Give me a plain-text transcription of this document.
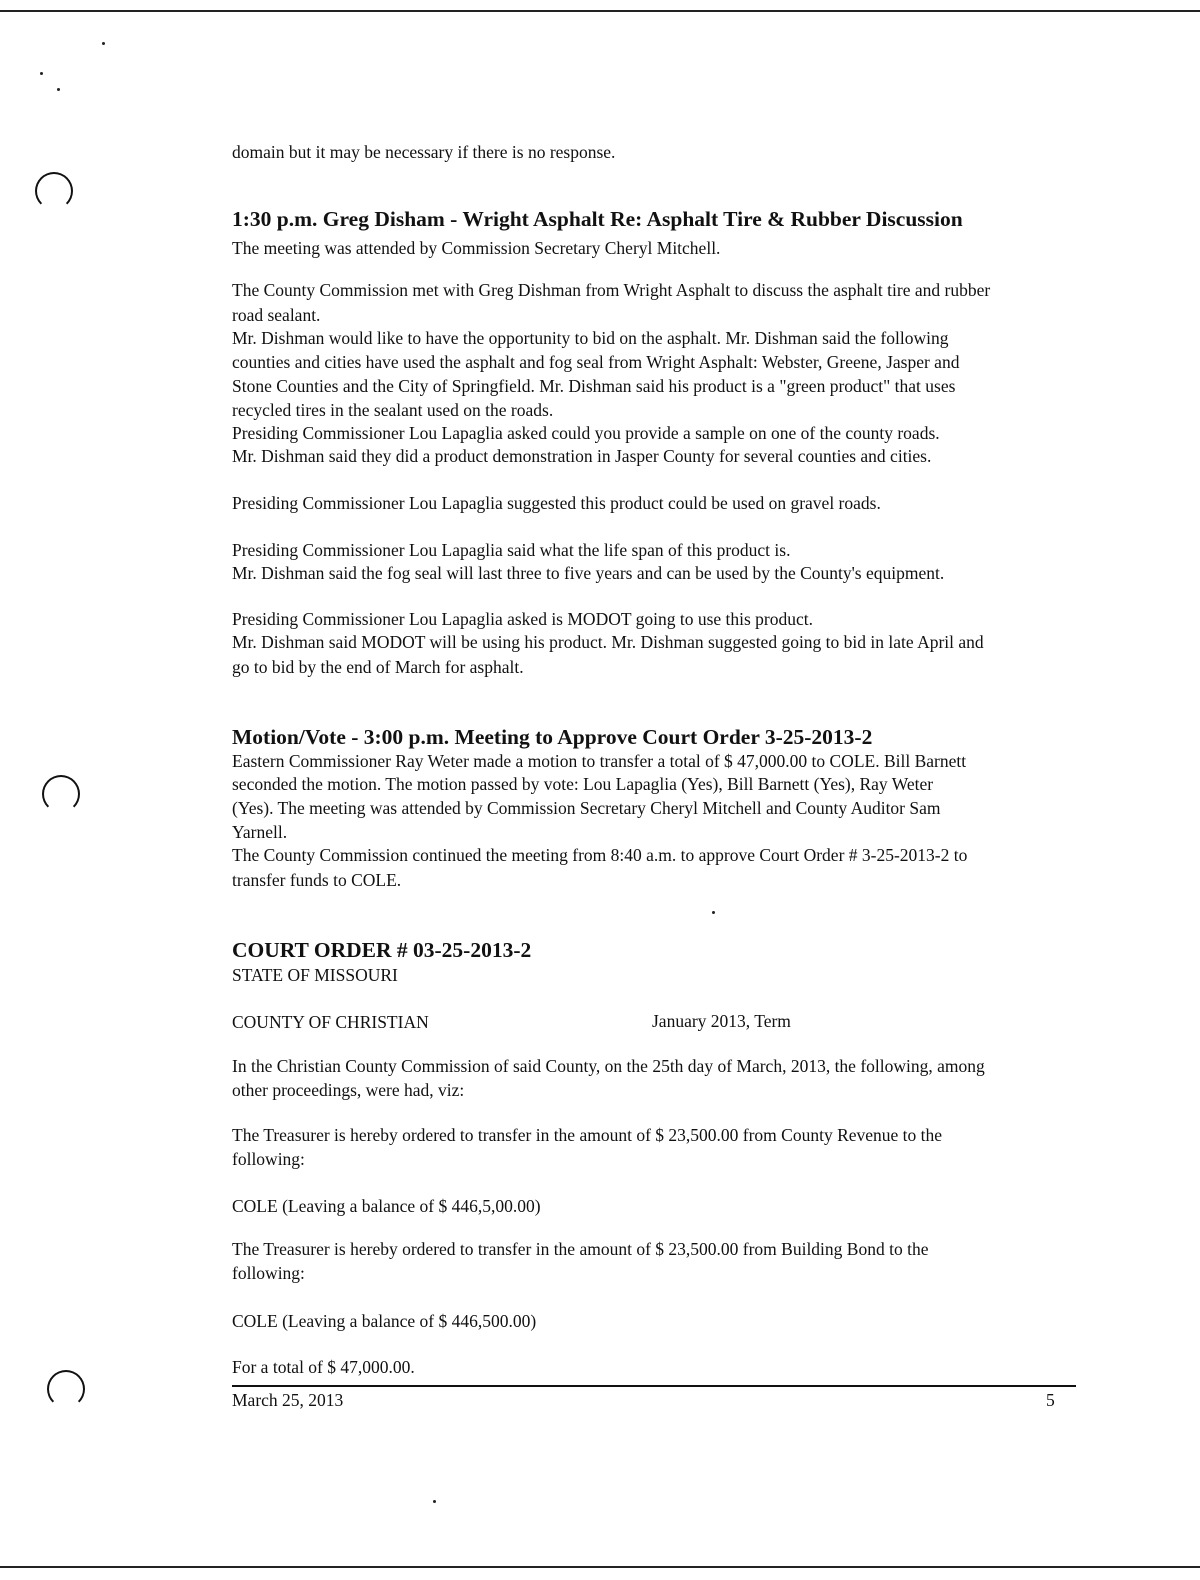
domain but it may be necessary if there is no response.
1:30 p.m. Greg Disham - Wright Asphalt Re: Asphalt Tire & Rubber Discussion
The meeting was attended by Commission Secretary Cheryl Mitchell.
The County Commission met with Greg Dishman from Wright Asphalt to discuss the asphalt tire and rubber
road sealant.
Mr. Dishman would like to have the opportunity to bid on the asphalt. Mr. Dishman said the following
counties and cities have used the asphalt and fog seal from Wright Asphalt: Webster, Greene, Jasper and
Stone Counties and the City of Springfield. Mr. Dishman said his product is a "green product" that uses
recycled tires in the sealant used on the roads.
Presiding Commissioner Lou Lapaglia asked could you provide a sample on one of the county roads.
Mr. Dishman said they did a product demonstration in Jasper County for several counties and cities.
Presiding Commissioner Lou Lapaglia suggested this product could be used on gravel roads.
Presiding Commissioner Lou Lapaglia said what the life span of this product is.
Mr. Dishman said the fog seal will last three to five years and can be used by the County's equipment.
Presiding Commissioner Lou Lapaglia asked is MODOT going to use this product.
Mr. Dishman said MODOT will be using his product. Mr. Dishman suggested going to bid in late April and
go to bid by the end of March for asphalt.
Motion/Vote - 3:00 p.m. Meeting to Approve Court Order 3-25-2013-2
Eastern Commissioner Ray Weter made a motion to transfer a total of $ 47,000.00 to COLE. Bill Barnett
seconded the motion. The motion passed by vote: Lou Lapaglia (Yes), Bill Barnett (Yes), Ray Weter
(Yes). The meeting was attended by Commission Secretary Cheryl Mitchell and County Auditor Sam
Yarnell.
The County Commission continued the meeting from 8:40 a.m. to approve Court Order # 3-25-2013-2 to
transfer funds to COLE.
COURT ORDER # 03-25-2013-2
STATE OF MISSOURI
COUNTY OF CHRISTIAN	January 2013, Term
In the Christian County Commission of said County, on the 25th day of March, 2013, the following, among
other proceedings, were had, viz:
The Treasurer is hereby ordered to transfer in the amount of $ 23,500.00 from County Revenue to the
following:
COLE (Leaving a balance of $ 446,5,00.00)
The Treasurer is hereby ordered to transfer in the amount of $ 23,500.00 from Building Bond to the
following:
COLE (Leaving a balance of $ 446,500.00)
For a total of $ 47,000.00.
March 25, 2013	5
